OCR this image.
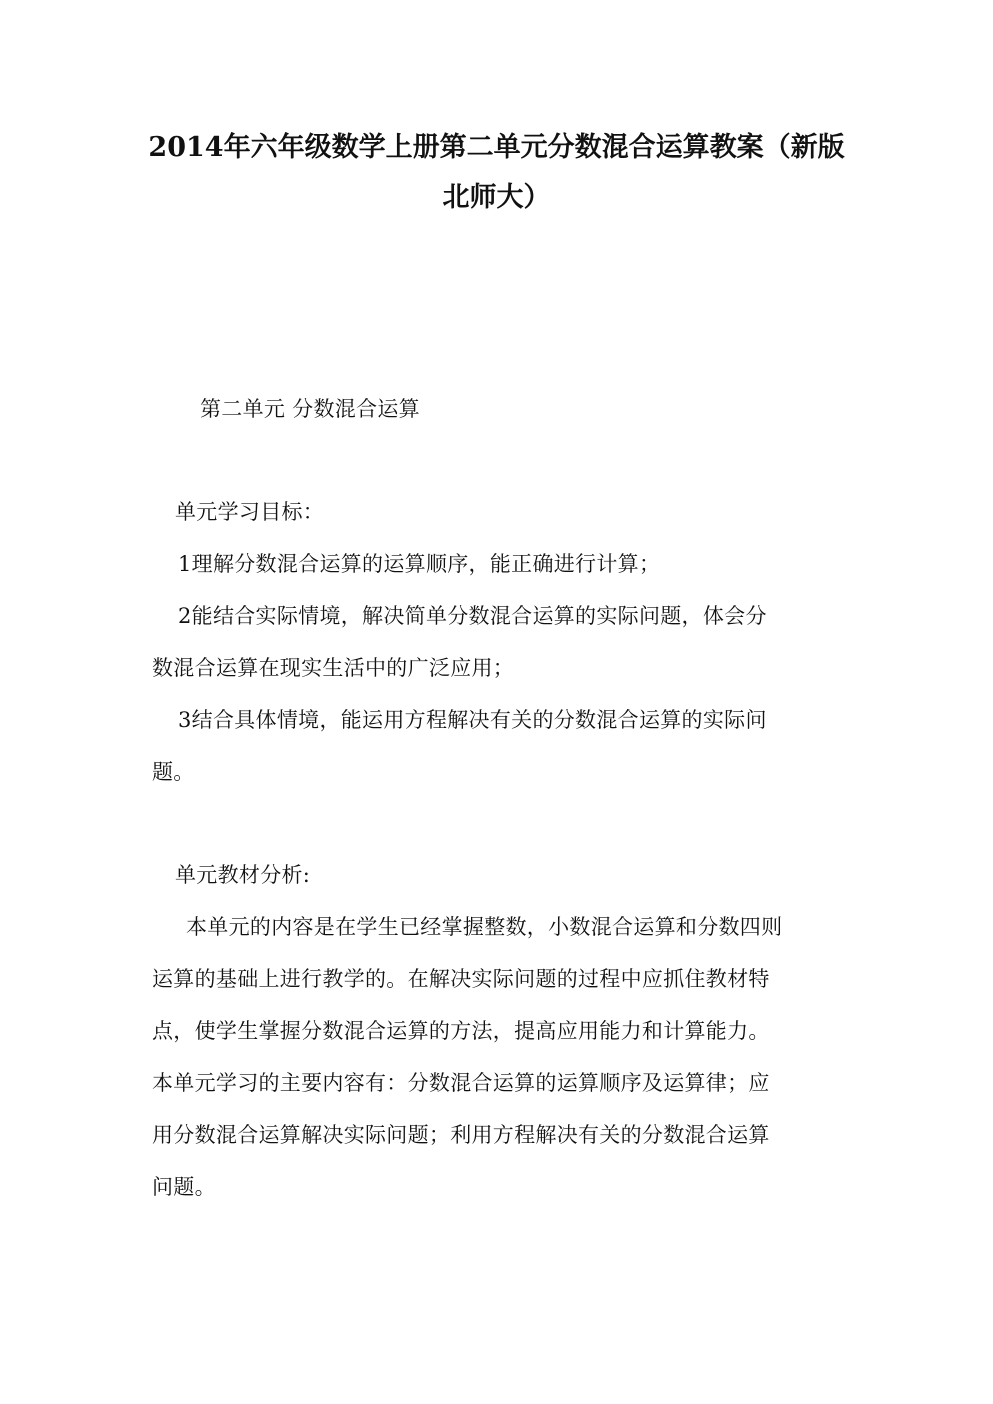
2014年六年级数学上册第二单元分数混合运算教案（新版
北师大）
第二单元 分数混合运算
单元学习目标：
1理解分数混合运算的运算顺序，能正确进行计算；
2能结合实际情境，解决简单分数混合运算的实际问题，体会分
数混合运算在现实生活中的广泛应用；
3结合具体情境，能运用方程解决有关的分数混合运算的实际问
题。
单元教材分析:
本单元的内容是在学生已经掌握整数，小数混合运算和分数四则
运算的基础上进行教学的。在解决实际问题的过程中应抓住教材特
点，使学生掌握分数混合运算的方法，提高应用能力和计算能力。
本单元学习的主要内容有：分数混合运算的运算顺序及运算律；应
用分数混合运算解决实际问题；利用方程解决有关的分数混合运算
问题。
